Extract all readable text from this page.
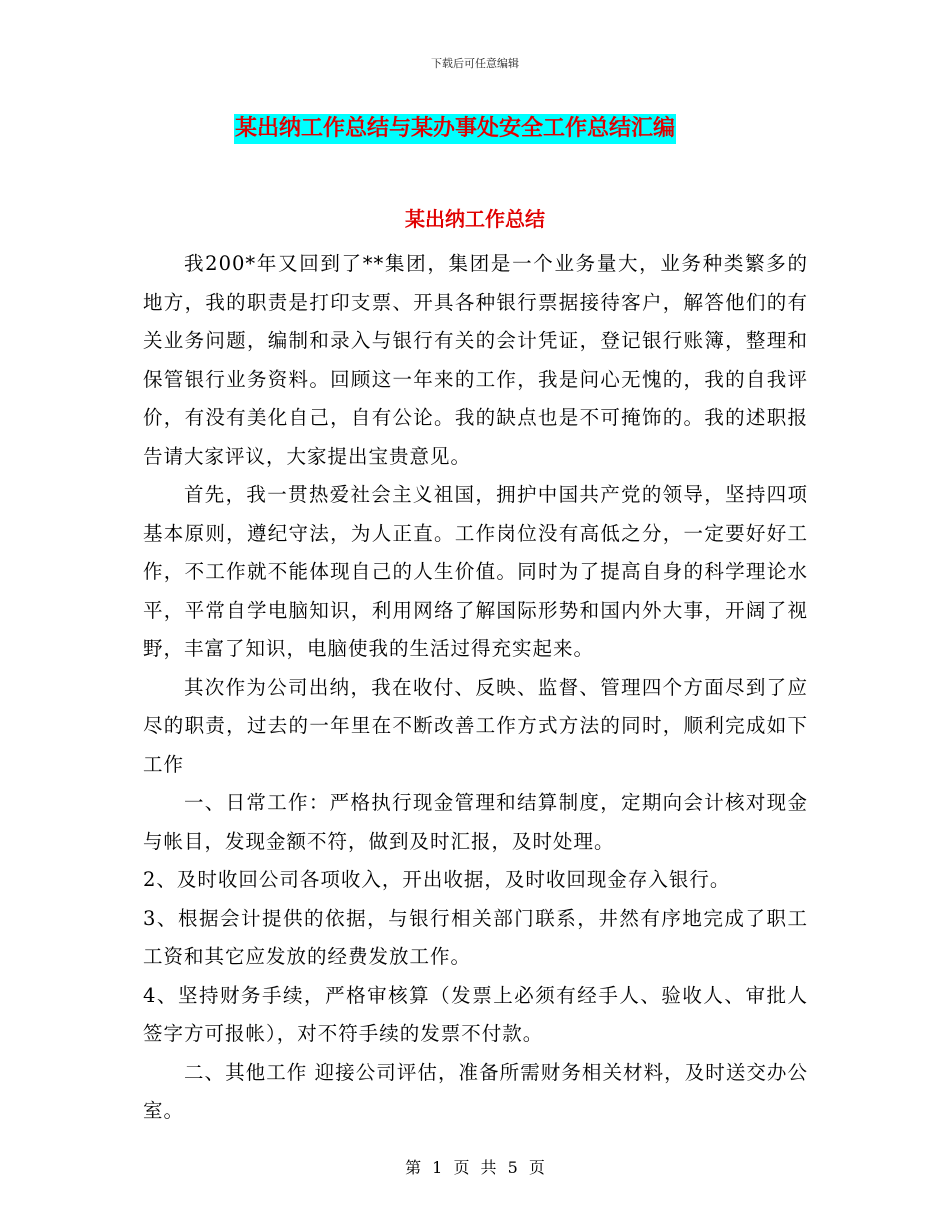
下载后可任意编辑
某出纳工作总结与某办事处安全工作总结汇编
某出纳工作总结

我200*年又回到了**集团，集团是一个业务量大，业务种类繁多的地方，我的职责是打印支票、开具各种银行票据接待客户，解答他们的有关业务问题，编制和录入与银行有关的会计凭证，登记银行账簿，整理和保管银行业务资料。回顾这一年来的工作，我是问心无愧的，我的自我评价，有没有美化自己，自有公论。我的缺点也是不可掩饰的。我的述职报告请大家评议，大家提出宝贵意见。

首先，我一贯热爱社会主义祖国，拥护中国共产党的领导，坚持四项基本原则，遵纪守法，为人正直。工作岗位没有高低之分，一定要好好工作，不工作就不能体现自己的人生价值。同时为了提高自身的科学理论水平，平常自学电脑知识，利用网络了解国际形势和国内外大事，开阔了视野，丰富了知识，电脑使我的生活过得充实起来。

其次作为公司出纳，我在收付、反映、监督、管理四个方面尽到了应尽的职责，过去的一年里在不断改善工作方式方法的同时，顺利完成如下工作

一、日常工作：严格执行现金管理和结算制度，定期向会计核对现金与帐目，发现金额不符，做到及时汇报，及时处理。

2、及时收回公司各项收入，开出收据，及时收回现金存入银行。

3、根据会计提供的依据，与银行相关部门联系，井然有序地完成了职工工资和其它应发放的经费发放工作。

4、坚持财务手续，严格审核算（发票上必须有经手人、验收人、审批人签字方可报帐），对不符手续的发票不付款。

二、其他工作 迎接公司评估，准备所需财务相关材料，及时送交办公室。

第 1 页 共 5 页
